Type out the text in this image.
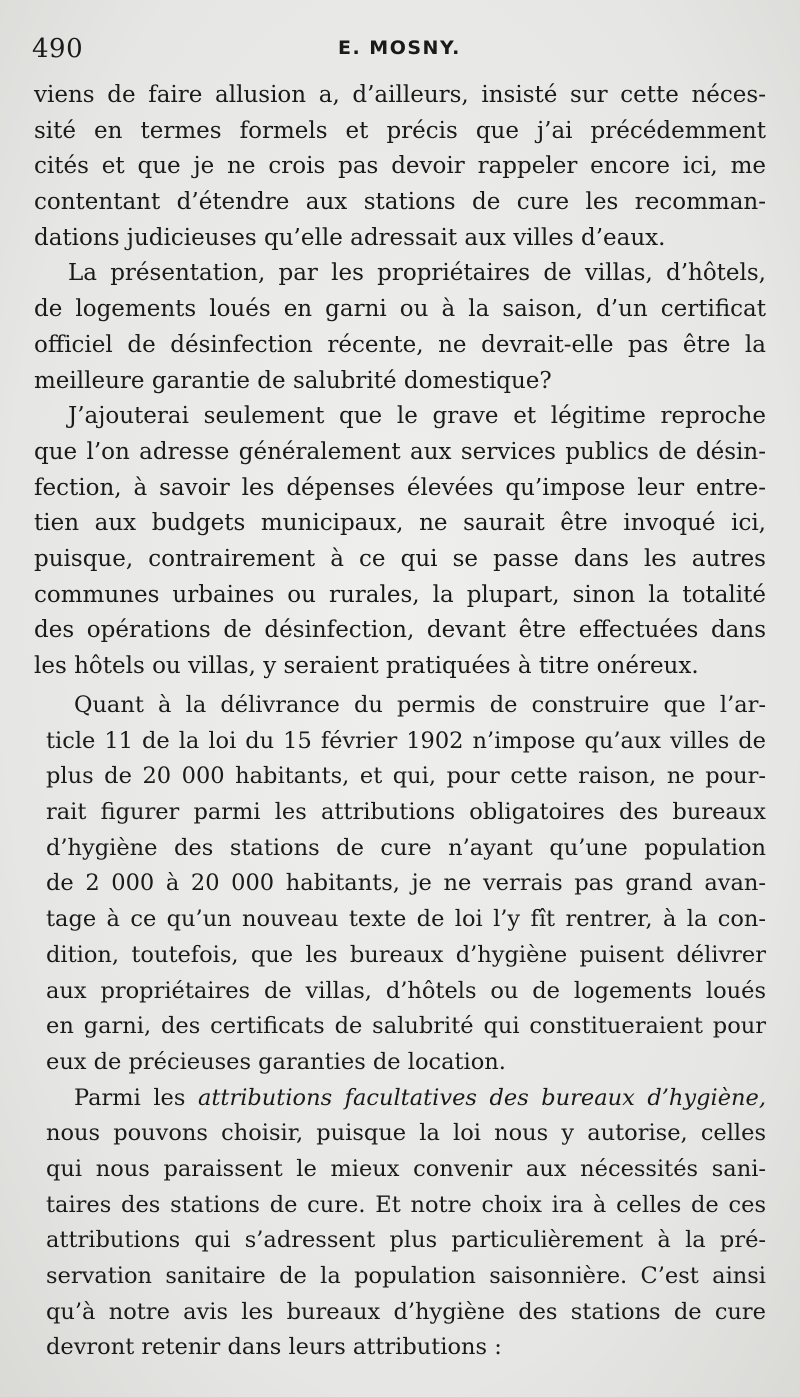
490	E. MOSNY.
viens de faire allusion a, d’ailleurs, insisté sur cette néces-
sité en termes formels et précis que j’ai précédemment
cités et que je ne crois pas devoir rappeler encore ici, me
contentant d’étendre aux stations de cure les recomman-
dations judicieuses qu’elle adressait aux villes d’eaux.
La présentation, par les propriétaires de villas, d’hôtels,
de logements loués en garni ou à la saison, d’un certificat
officiel de désinfection récente, ne devrait-elle pas être la
meilleure garantie de salubrité domestique?
J’ajouterai seulement que le grave et légitime reproche
que l’on adresse généralement aux services publics de désin-
fection, à savoir les dépenses élevées qu’impose leur entre-
tien aux budgets municipaux, ne saurait être invoqué ici,
puisque, contrairement à ce qui se passe dans les autres
communes urbaines ou rurales, la plupart, sinon la totalité
des opérations de désinfection, devant être effectuées dans
les hôtels ou villas, y seraient pratiquées à titre onéreux.
Quant à la délivrance du permis de construire que l’ar-
ticle 11 de la loi du 15 février 1902 n’impose qu’aux villes de
plus de 20 000 habitants, et qui, pour cette raison, ne pour-
rait figurer parmi les attributions obligatoires des bureaux
d’hygiène des stations de cure n’ayant qu’une population
de 2 000 à 20 000 habitants, je ne verrais pas grand avan-
tage à ce qu’un nouveau texte de loi l’y fît rentrer, à la con-
dition, toutefois, que les bureaux d’hygiène puisent délivrer
aux propriétaires de villas, d’hôtels ou de logements loués
en garni, des certificats de salubrité qui constitueraient pour
eux de précieuses garanties de location.
Parmi les attributions facultatives des bureaux d’hygiène,
nous pouvons choisir, puisque la loi nous y autorise, celles
qui nous paraissent le mieux convenir aux nécessités sani-
taires des stations de cure. Et notre choix ira à celles de ces
attributions qui s’adressent plus particulièrement à la pré-
servation sanitaire de la population saisonnière. C’est ainsi
qu’à notre avis les bureaux d’hygiène des stations de cure
devront retenir dans leurs attributions :
